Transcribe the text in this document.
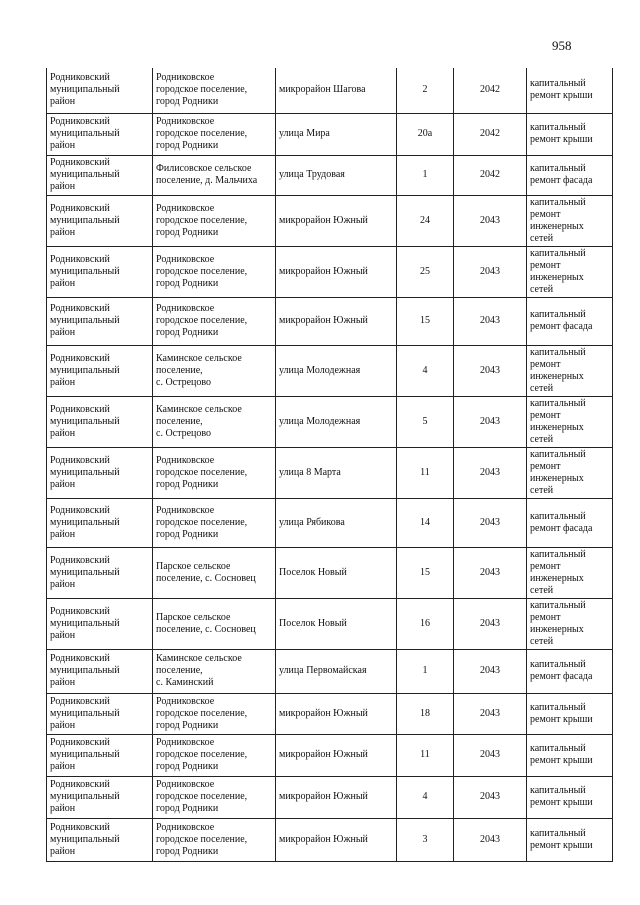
958
Родниковский
муниципальный
район	Родниковское
городское поселение,
город Родники	микрорайон Шагова	2	2042	капитальный
ремонт крыши
Родниковский
муниципальный
район	Родниковское
городское поселение,
город Родники	улица Мира	20а	2042	капитальный
ремонт крыши
Родниковский
муниципальный
район	Филисовское сельское
поселение, д. Мальчиха	улица Трудовая	1	2042	капитальный
ремонт фасада
Родниковский
муниципальный
район	Родниковское
городское поселение,
город Родники	микрорайон Южный	24	2043	капитальный
ремонт
инженерных
сетей
Родниковский
муниципальный
район	Родниковское
городское поселение,
город Родники	микрорайон Южный	25	2043	капитальный
ремонт
инженерных
сетей
Родниковский
муниципальный
район	Родниковское
городское поселение,
город Родники	микрорайон Южный	15	2043	капитальный
ремонт фасада
Родниковский
муниципальный
район	Каминское сельское
поселение,
с. Острецово	улица Молодежная	4	2043	капитальный
ремонт
инженерных
сетей
Родниковский
муниципальный
район	Каминское сельское
поселение,
с. Острецово	улица Молодежная	5	2043	капитальный
ремонт
инженерных
сетей
Родниковский
муниципальный
район	Родниковское
городское поселение,
город Родники	улица 8 Марта	11	2043	капитальный
ремонт
инженерных
сетей
Родниковский
муниципальный
район	Родниковское
городское поселение,
город Родники	улица Рябикова	14	2043	капитальный
ремонт фасада
Родниковский
муниципальный
район	Парское сельское
поселение, с. Сосновец	Поселок Новый	15	2043	капитальный
ремонт
инженерных
сетей
Родниковский
муниципальный
район	Парское сельское
поселение, с. Сосновец	Поселок Новый	16	2043	капитальный
ремонт
инженерных
сетей
Родниковский
муниципальный
район	Каминское сельское
поселение,
с. Каминский	улица Первомайская	1	2043	капитальный
ремонт фасада
Родниковский
муниципальный
район	Родниковское
городское поселение,
город Родники	микрорайон Южный	18	2043	капитальный
ремонт крыши
Родниковский
муниципальный
район	Родниковское
городское поселение,
город Родники	микрорайон Южный	11	2043	капитальный
ремонт крыши
Родниковский
муниципальный
район	Родниковское
городское поселение,
город Родники	микрорайон Южный	4	2043	капитальный
ремонт крыши
Родниковский
муниципальный
район	Родниковское
городское поселение,
город Родники	микрорайон Южный	3	2043	капитальный
ремонт крыши
